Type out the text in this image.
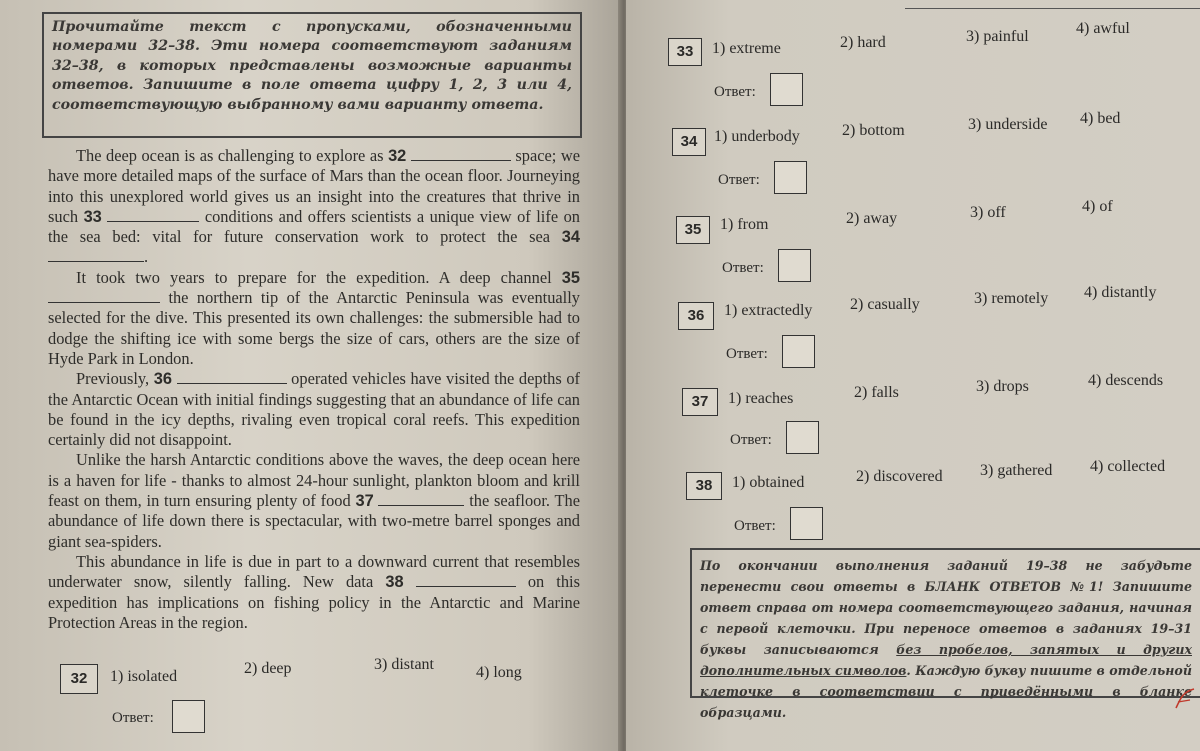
Прочитайте текст с пропусками, обозначенными номерами 32–38. Эти номера соответствуют заданиям 32–38, в которых представлены возможные варианты ответов. Запишите в поле ответа цифру 1, 2, 3 или 4, соответствующую выбранному вами варианту ответа.

The deep ocean is as challenging to explore as 32	space; we have more detailed maps of the surface of Mars than the ocean floor. Journeying into this unexplored world gives us an insight into the creatures that thrive in such 33	conditions and offers scientists a unique view of life on the sea bed: vital for future conservation work to protect the sea 34 .

It took two years to prepare for the expedition. A deep channel 35  the northern tip of the Antarctic Peninsula was eventually selected for the dive. This presented its own challenges: the submersible had to dodge the shifting ice with some bergs the size of cars, others are the size of Hyde Park in London.

Previously, 36	operated vehicles have visited the depths of the Antarctic Ocean with initial findings suggesting that an abundance of life can be found in the icy depths, rivaling even tropical coral reefs. This expedition certainly did not disappoint.

Unlike the harsh Antarctic conditions above the waves, the deep ocean here is a haven for life - thanks to almost 24-hour sunlight, plankton bloom and krill feast on them, in turn ensuring plenty of food 37	the seafloor. The abundance of life down there is spectacular, with two-metre barrel sponges and giant sea-spiders.

This abundance in life is due in part to a downward current that resembles underwater snow, silently falling. New data 38	on this expedition has implications on fishing policy in the Antarctic and Marine Protection Areas in the region.

32	1) isolated	2) deep	3) distant	4) long
Ответ:
33	1) extreme	2) hard	3) painful	4) awful
Ответ:
34	1) underbody	2) bottom	3) underside 4) bed
Ответ:
35	1) from	2) away	3) off	4) of
Ответ:
36	1) extractedly 2) casually	3) remotely 4) distantly
Ответ:
37	1) reaches	2) falls	3) drops	4) descends
Ответ:
38	1) obtained	2) discovered 3) gathered 4) collected
Ответ:
По окончании выполнения заданий 19–38 не забудьте перенести свои ответы в БЛАНК ОТВЕТОВ №1! Запишите ответ справа от номера соответствующего задания, начиная с первой клеточки. При переносе ответов в заданиях 19–31 буквы записываются без пробелов, запятых и других дополнительных символов. Каждую букву пишите в отдельной клеточке в соответствии с приведёнными в бланке образцами.
